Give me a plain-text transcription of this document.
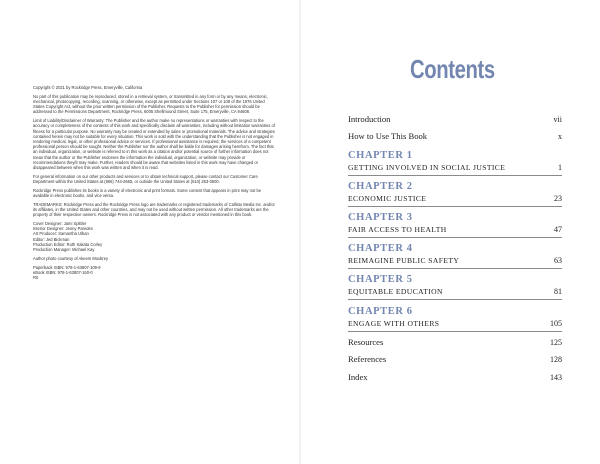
Copyright © 2021 by Rockridge Press, Emeryville, California

No part of this publication may be reproduced, stored in a retrieval system, or transmitted in any form or by any means, electronic, mechanical, photocopying, recording, scanning, or otherwise, except as permitted under Sections 107 or 108 of the 1976 United States Copyright Act, without the prior written permission of the Publisher. Requests to the Publisher for permission should be addressed to the Permissions Department, Rockridge Press, 6005 Shellmound Street, Suite 175, Emeryville, CA 94608.

Limit of Liability/Disclaimer of Warranty: The Publisher and the author make no representations or warranties with respect to the accuracy or completeness of the contents of this work and specifically disclaim all warranties, including without limitation warranties of fitness for a particular purpose. No warranty may be created or extended by sales or promotional materials. The advice and strategies contained herein may not be suitable for every situation. This work is sold with the understanding that the Publisher is not engaged in rendering medical, legal, or other professional advice or services. If professional assistance is required, the services of a competent professional person should be sought. Neither the Publisher nor the author shall be liable for damages arising herefrom. The fact that an individual, organization, or website is referred to in this work as a citation and/or potential source of further information does not mean that the author or the Publisher endorses the information the individual, organization, or website may provide or recommendations they/it may make. Further, readers should be aware that websites listed in this work may have changed or disappeared between when this work was written and when it is read.

For general information on our other products and services or to obtain technical support, please contact our Customer Care Department within the United States at (866) 744-2665, or outside the United States at (510) 253-0500.

Rockridge Press publishes its books in a variety of electronic and print formats. Some content that appears in print may not be available in electronic books, and vice versa.

TRADEMARKS: Rockridge Press and the Rockridge Press logo are trademarks or registered trademarks of Callisto Media Inc. and/or its affiliates, in the United States and other countries, and may not be used without written permission. All other trademarks are the property of their respective owners. Rockridge Press is not associated with any product or vendor mentioned in this book.

Cover Designer: Jami Spittler
Interior Designer: Jenny Paredes
Art Producer: Samantha Ulban
Editor: Jed Bickman
Production Editor: Ruth Sakata Corley
Production Manager: Michael Kay

Author photo courtesy of Akeem Moultrey

Paperback ISBN: 978-1-63807-109-9
eBook ISBN: 978-1-63807-160-0
R0
Contents
Introduction	vii
How to Use This Book	x
CHAPTER 1
GETTING INVOLVED IN SOCIAL JUSTICE	1
CHAPTER 2
ECONOMIC JUSTICE	23
CHAPTER 3
FAIR ACCESS TO HEALTH	47
CHAPTER 4
REIMAGINE PUBLIC SAFETY	63
CHAPTER 5
EQUITABLE EDUCATION	81
CHAPTER 6
ENGAGE WITH OTHERS	105
Resources	125
References	128
Index	143
